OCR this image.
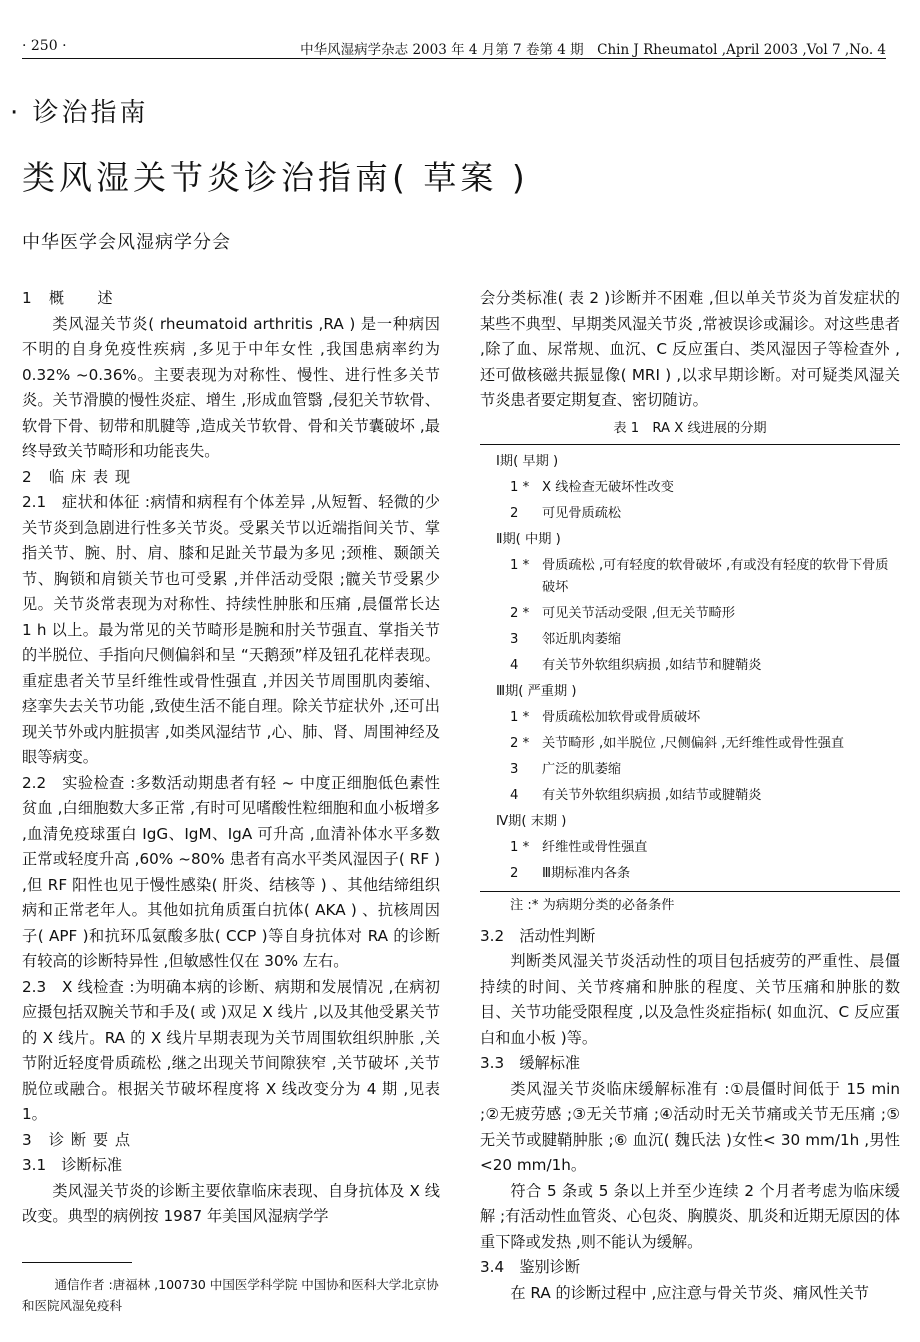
· 250 ·	中华风湿病学杂志 2003 年 4 月第 7 卷第 4 期　Chin J Rheumatol ,April 2003 ,Vol 7 ,No. 4
· 诊治指南
类风湿关节炎诊治指南( 草案 )
中华医学会风湿病学分会
1　概　　述

类风湿关节炎( rheumatoid arthritis ,RA ) 是一种病因不明的自身免疫性疾病 ,多见于中年女性 ,我国患病率约为 0.32% ~0.36%。主要表现为对称性、慢性、进行性多关节炎。关节滑膜的慢性炎症、增生 ,形成血管翳 ,侵犯关节软骨、软骨下骨、韧带和肌腱等 ,造成关节软骨、骨和关节囊破坏 ,最终导致关节畸形和功能丧失。

2　临 床 表 现

2.1　症状和体征 :病情和病程有个体差异 ,从短暂、轻微的少关节炎到急剧进行性多关节炎。受累关节以近端指间关节、掌指关节、腕、肘、肩、膝和足趾关节最为多见 ;颈椎、颞颌关节、胸锁和肩锁关节也可受累 ,并伴活动受限 ;髋关节受累少见。关节炎常表现为对称性、持续性肿胀和压痛 ,晨僵常长达 1 h 以上。最为常见的关节畸形是腕和肘关节强直、掌指关节的半脱位、手指向尺侧偏斜和呈 “天鹅颈”样及钮孔花样表现。重症患者关节呈纤维性或骨性强直 ,并因关节周围肌肉萎缩、痉挛失去关节功能 ,致使生活不能自理。除关节症状外 ,还可出现关节外或内脏损害 ,如类风湿结节 ,心、肺、肾、周围神经及眼等病变。

2.2　实验检查 :多数活动期患者有轻 ~ 中度正细胞低色素性贫血 ,白细胞数大多正常 ,有时可见嗜酸性粒细胞和血小板增多 ,血清免疫球蛋白 IgG、IgM、IgA 可升高 ,血清补体水平多数正常或轻度升高 ,60% ~80% 患者有高水平类风湿因子( RF ) ,但 RF 阳性也见于慢性感染( 肝炎、结核等 ) 、其他结缔组织病和正常老年人。其他如抗角质蛋白抗体( AKA ) 、抗核周因子( APF )和抗环瓜氨酸多肽( CCP )等自身抗体对 RA 的诊断有较高的诊断特异性 ,但敏感性仅在 30% 左右。

2.3　X 线检查 :为明确本病的诊断、病期和发展情况 ,在病初应摄包括双腕关节和手及( 或 )双足 X 线片 ,以及其他受累关节的 X 线片。RA 的 X 线片早期表现为关节周围软组织肿胀 ,关节附近轻度骨质疏松 ,继之出现关节间隙狭窄 ,关节破坏 ,关节脱位或融合。根据关节破坏程度将 X 线改变分为 4 期 ,见表 1。

3　诊 断 要 点
3.1　诊断标准

类风湿关节炎的诊断主要依靠临床表现、自身抗体及 X 线改变。典型的病例按 1987 年美国风湿病学学

通信作者 :唐福林 ,100730 中国医学科学院 中国协和医科大学北京协和医院风湿免疫科

会分类标准( 表 2 )诊断并不困难 ,但以单关节炎为首发症状的某些不典型、早期类风湿关节炎 ,常被误诊或漏诊。对这些患者 ,除了血、尿常规、血沉、C 反应蛋白、类风湿因子等检查外 ,还可做核磁共振显像( MRI ) ,以求早期诊断。对可疑类风湿关节炎患者要定期复查、密切随访。

表 1　RA X 线进展的分期
Ⅰ期( 早期 )
1 * X 线检查无破坏性改变
2	可见骨质疏松
Ⅱ期( 中期 )
1 * 骨质疏松 ,可有轻度的软骨破坏 ,有或没有轻度的软骨下骨质破坏
2 * 可见关节活动受限 ,但无关节畸形
3	邻近肌肉萎缩
4	有关节外软组织病损 ,如结节和腱鞘炎
Ⅲ期( 严重期 )
1 * 骨质疏松加软骨或骨质破坏
2 * 关节畸形 ,如半脱位 ,尺侧偏斜 ,无纤维性或骨性强直
3	广泛的肌萎缩
4	有关节外软组织病损 ,如结节或腱鞘炎
Ⅳ期( 末期 )
1 * 纤维性或骨性强直
2	Ⅲ期标准内各条
注 :* 为病期分类的必备条件
3.2　活动性判断

判断类风湿关节炎活动性的项目包括疲劳的严重性、晨僵持续的时间、关节疼痛和肿胀的程度、关节压痛和肿胀的数目、关节功能受限程度 ,以及急性炎症指标( 如血沉、C 反应蛋白和血小板 )等。

3.3　缓解标准

类风湿关节炎临床缓解标准有 :①晨僵时间低于 15 min ;②无疲劳感 ;③无关节痛 ;④活动时无关节痛或关节无压痛 ;⑤无关节或腱鞘肿胀 ;⑥ 血沉( 魏氏法 )女性< 30 mm/1h ,男性<20 mm/1h。

符合 5 条或 5 条以上并至少连续 2 个月者考虑为临床缓解 ;有活动性血管炎、心包炎、胸膜炎、肌炎和近期无原因的体重下降或发热 ,则不能认为缓解。

3.4　鉴别诊断

在 RA 的诊断过程中 ,应注意与骨关节炎、痛风性关节
